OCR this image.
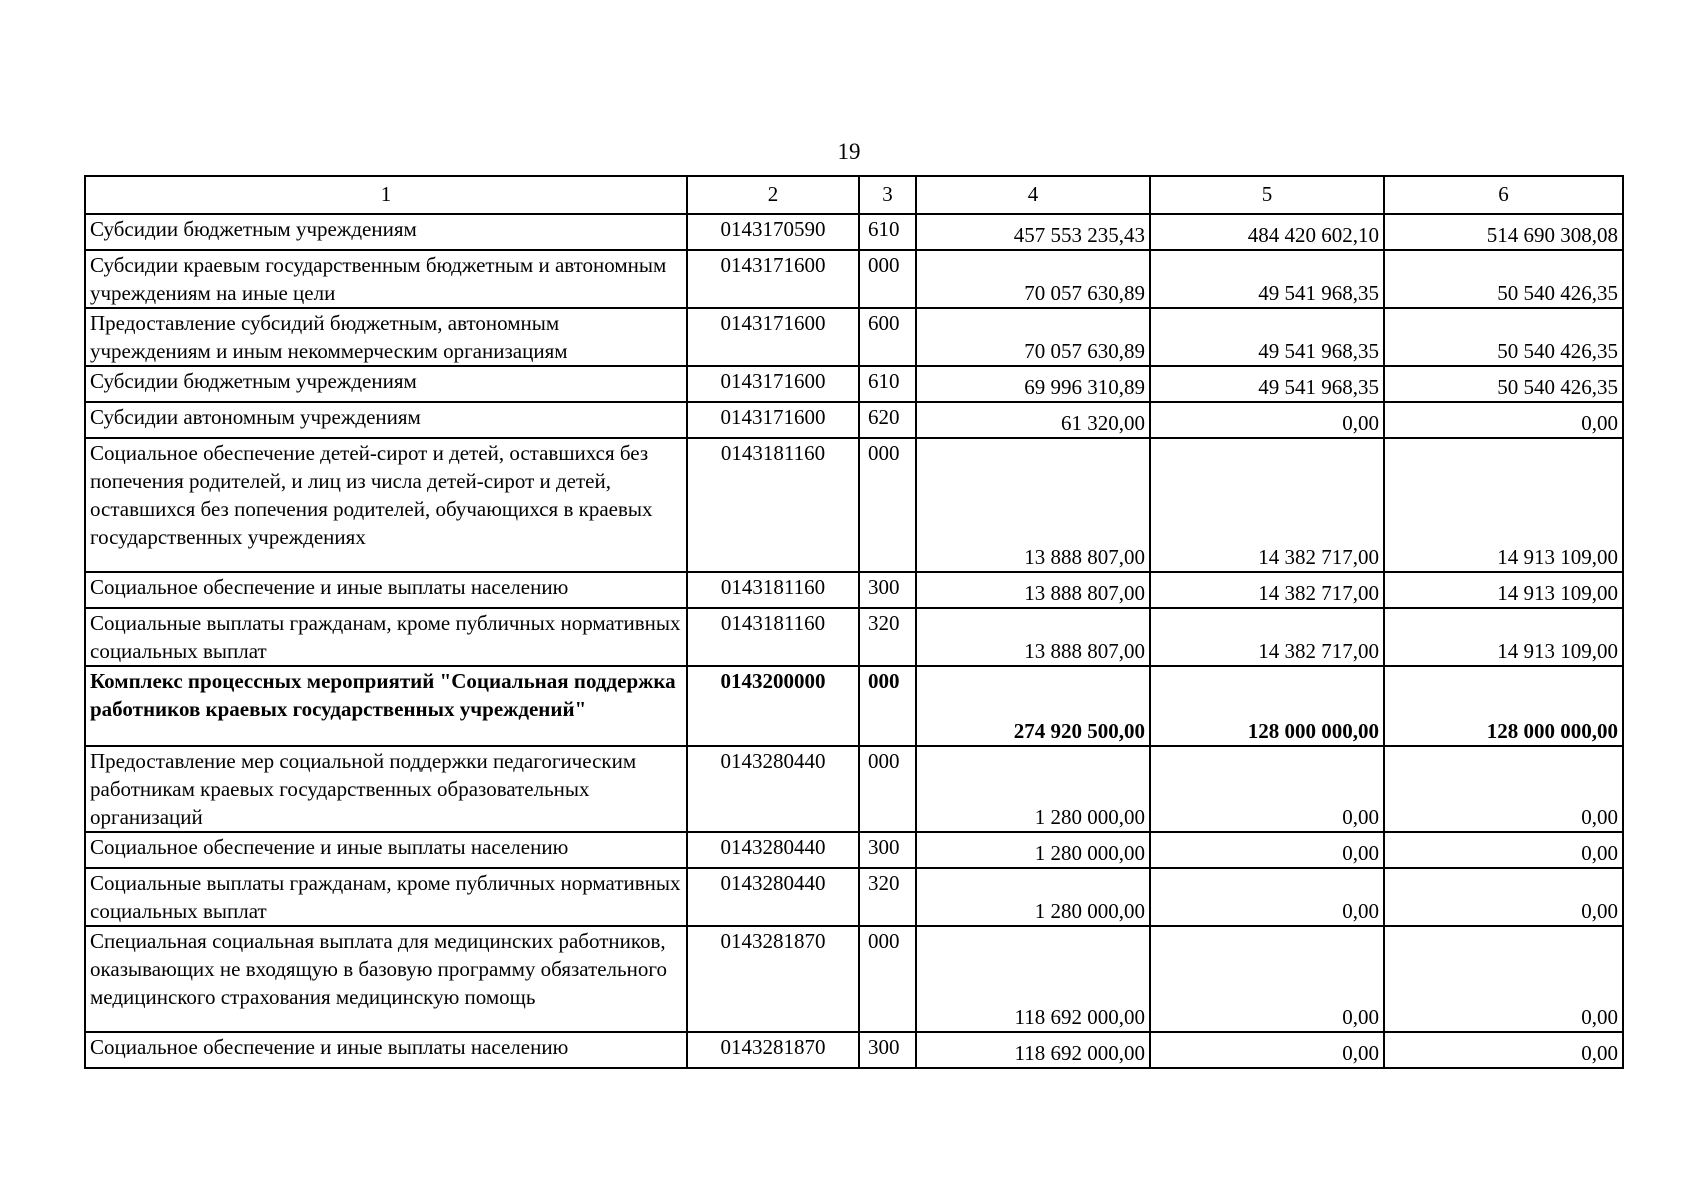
19
1	2	3	4	5	6
Субсидии бюджетным учреждениям	0143170590	610	457 553 235,43	484 420 602,10	514 690 308,08
Субсидии краевым государственным бюджетным и автономным учреждениям на иные цели	0143171600	000	70 057 630,89	49 541 968,35	50 540 426,35
Предоставление субсидий бюджетным, автономным учреждениям и иным некоммерческим организациям	0143171600	600	70 057 630,89	49 541 968,35	50 540 426,35
Субсидии бюджетным учреждениям	0143171600	610	69 996 310,89	49 541 968,35	50 540 426,35
Субсидии автономным учреждениям	0143171600	620	61 320,00	0,00	0,00
Социальное обеспечение детей-сирот и детей, оставшихся без попечения родителей, и лиц из числа детей-сирот и детей, оставшихся без попечения родителей, обучающихся в краевых государственных учреждениях	0143181160	000	13 888 807,00	14 382 717,00	14 913 109,00
Социальное обеспечение и иные выплаты населению	0143181160	300	13 888 807,00	14 382 717,00	14 913 109,00
Социальные выплаты гражданам, кроме публичных нормативных социальных выплат	0143181160	320	13 888 807,00	14 382 717,00	14 913 109,00
Комплекс процессных мероприятий "Социальная поддержка работников краевых государственных учреждений"	0143200000	000	274 920 500,00	128 000 000,00	128 000 000,00
Предоставление мер социальной поддержки педагогическим работникам краевых государственных образовательных организаций	0143280440	000	1 280 000,00	0,00	0,00
Социальное обеспечение и иные выплаты населению	0143280440	300	1 280 000,00	0,00	0,00
Социальные выплаты гражданам, кроме публичных нормативных социальных выплат	0143280440	320	1 280 000,00	0,00	0,00
Специальная социальная выплата для медицинских работников, оказывающих не входящую в базовую программу обязательного медицинского страхования медицинскую помощь	0143281870	000	118 692 000,00	0,00	0,00
Социальное обеспечение и иные выплаты населению	0143281870	300	118 692 000,00	0,00	0,00
